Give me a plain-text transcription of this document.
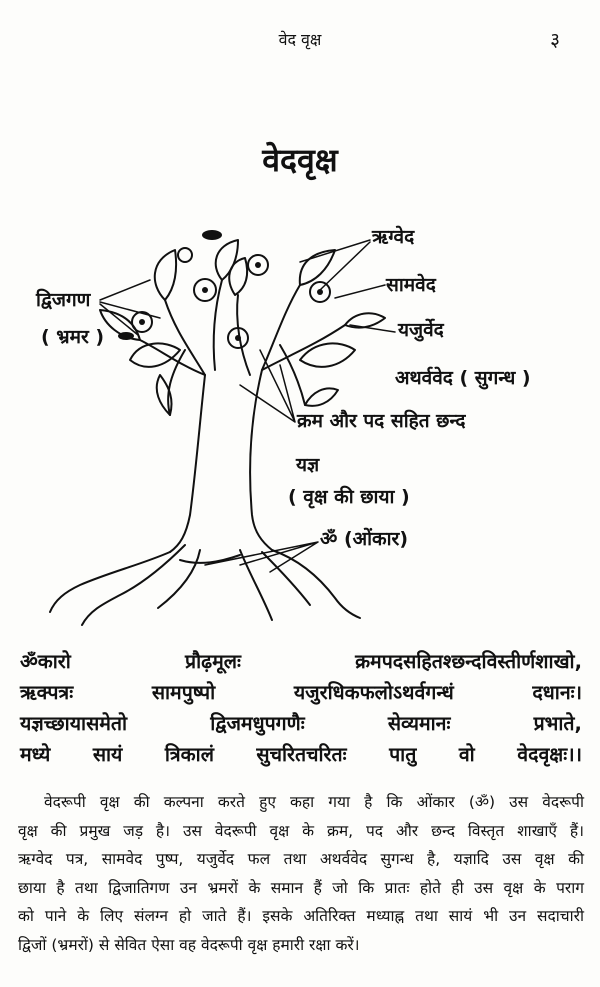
वेद वृक्ष	३
वेदवृक्ष
ऋग्वेद
सामवेद
द्विजगण
( भ्रमर )	यजुर्वेद
अथर्ववेद ( सुगन्ध )
क्रम और पद सहित छन्द
यज्ञ
( वृक्ष की छाया )
ॐ (ओंकार)
ॐकारो	प्रौढ़मूलः	क्रमपदसहितश्छन्दविस्तीर्णशाखो,
ऋक्पत्रः	सामपुष्पो	यजुरधिकफलोऽथर्वगन्धं	दधानः।
यज्ञच्छायासमेतो	द्विजमधुपगणैः	सेव्यमानः	प्रभाते,
मध्ये सायं त्रिकालं सुचरितचरितः पातु वो वेदवृक्षः।।
वेदरूपी वृक्ष की कल्पना करते हुए कहा गया है कि ओंकार (ॐ) उस वेदरूपी
वृक्ष की प्रमुख जड़ है। उस वेदरूपी वृक्ष के क्रम, पद और छन्द विस्तृत शाखाएँ हैं।
ऋग्वेद पत्र, सामवेद पुष्प, यजुर्वेद फल तथा अथर्ववेद सुगन्ध है, यज्ञादि उस वृक्ष की
छाया है तथा द्विजातिगण उन भ्रमरों के समान हैं जो कि प्रातः होते ही उस वृक्ष के पराग
को पाने के लिए संलग्न हो जाते हैं। इसके अतिरिक्त मध्याह्न तथा सायं भी उन सदाचारी
द्विजों (भ्रमरों) से सेवित ऐसा वह वेदरूपी वृक्ष हमारी रक्षा करें।
